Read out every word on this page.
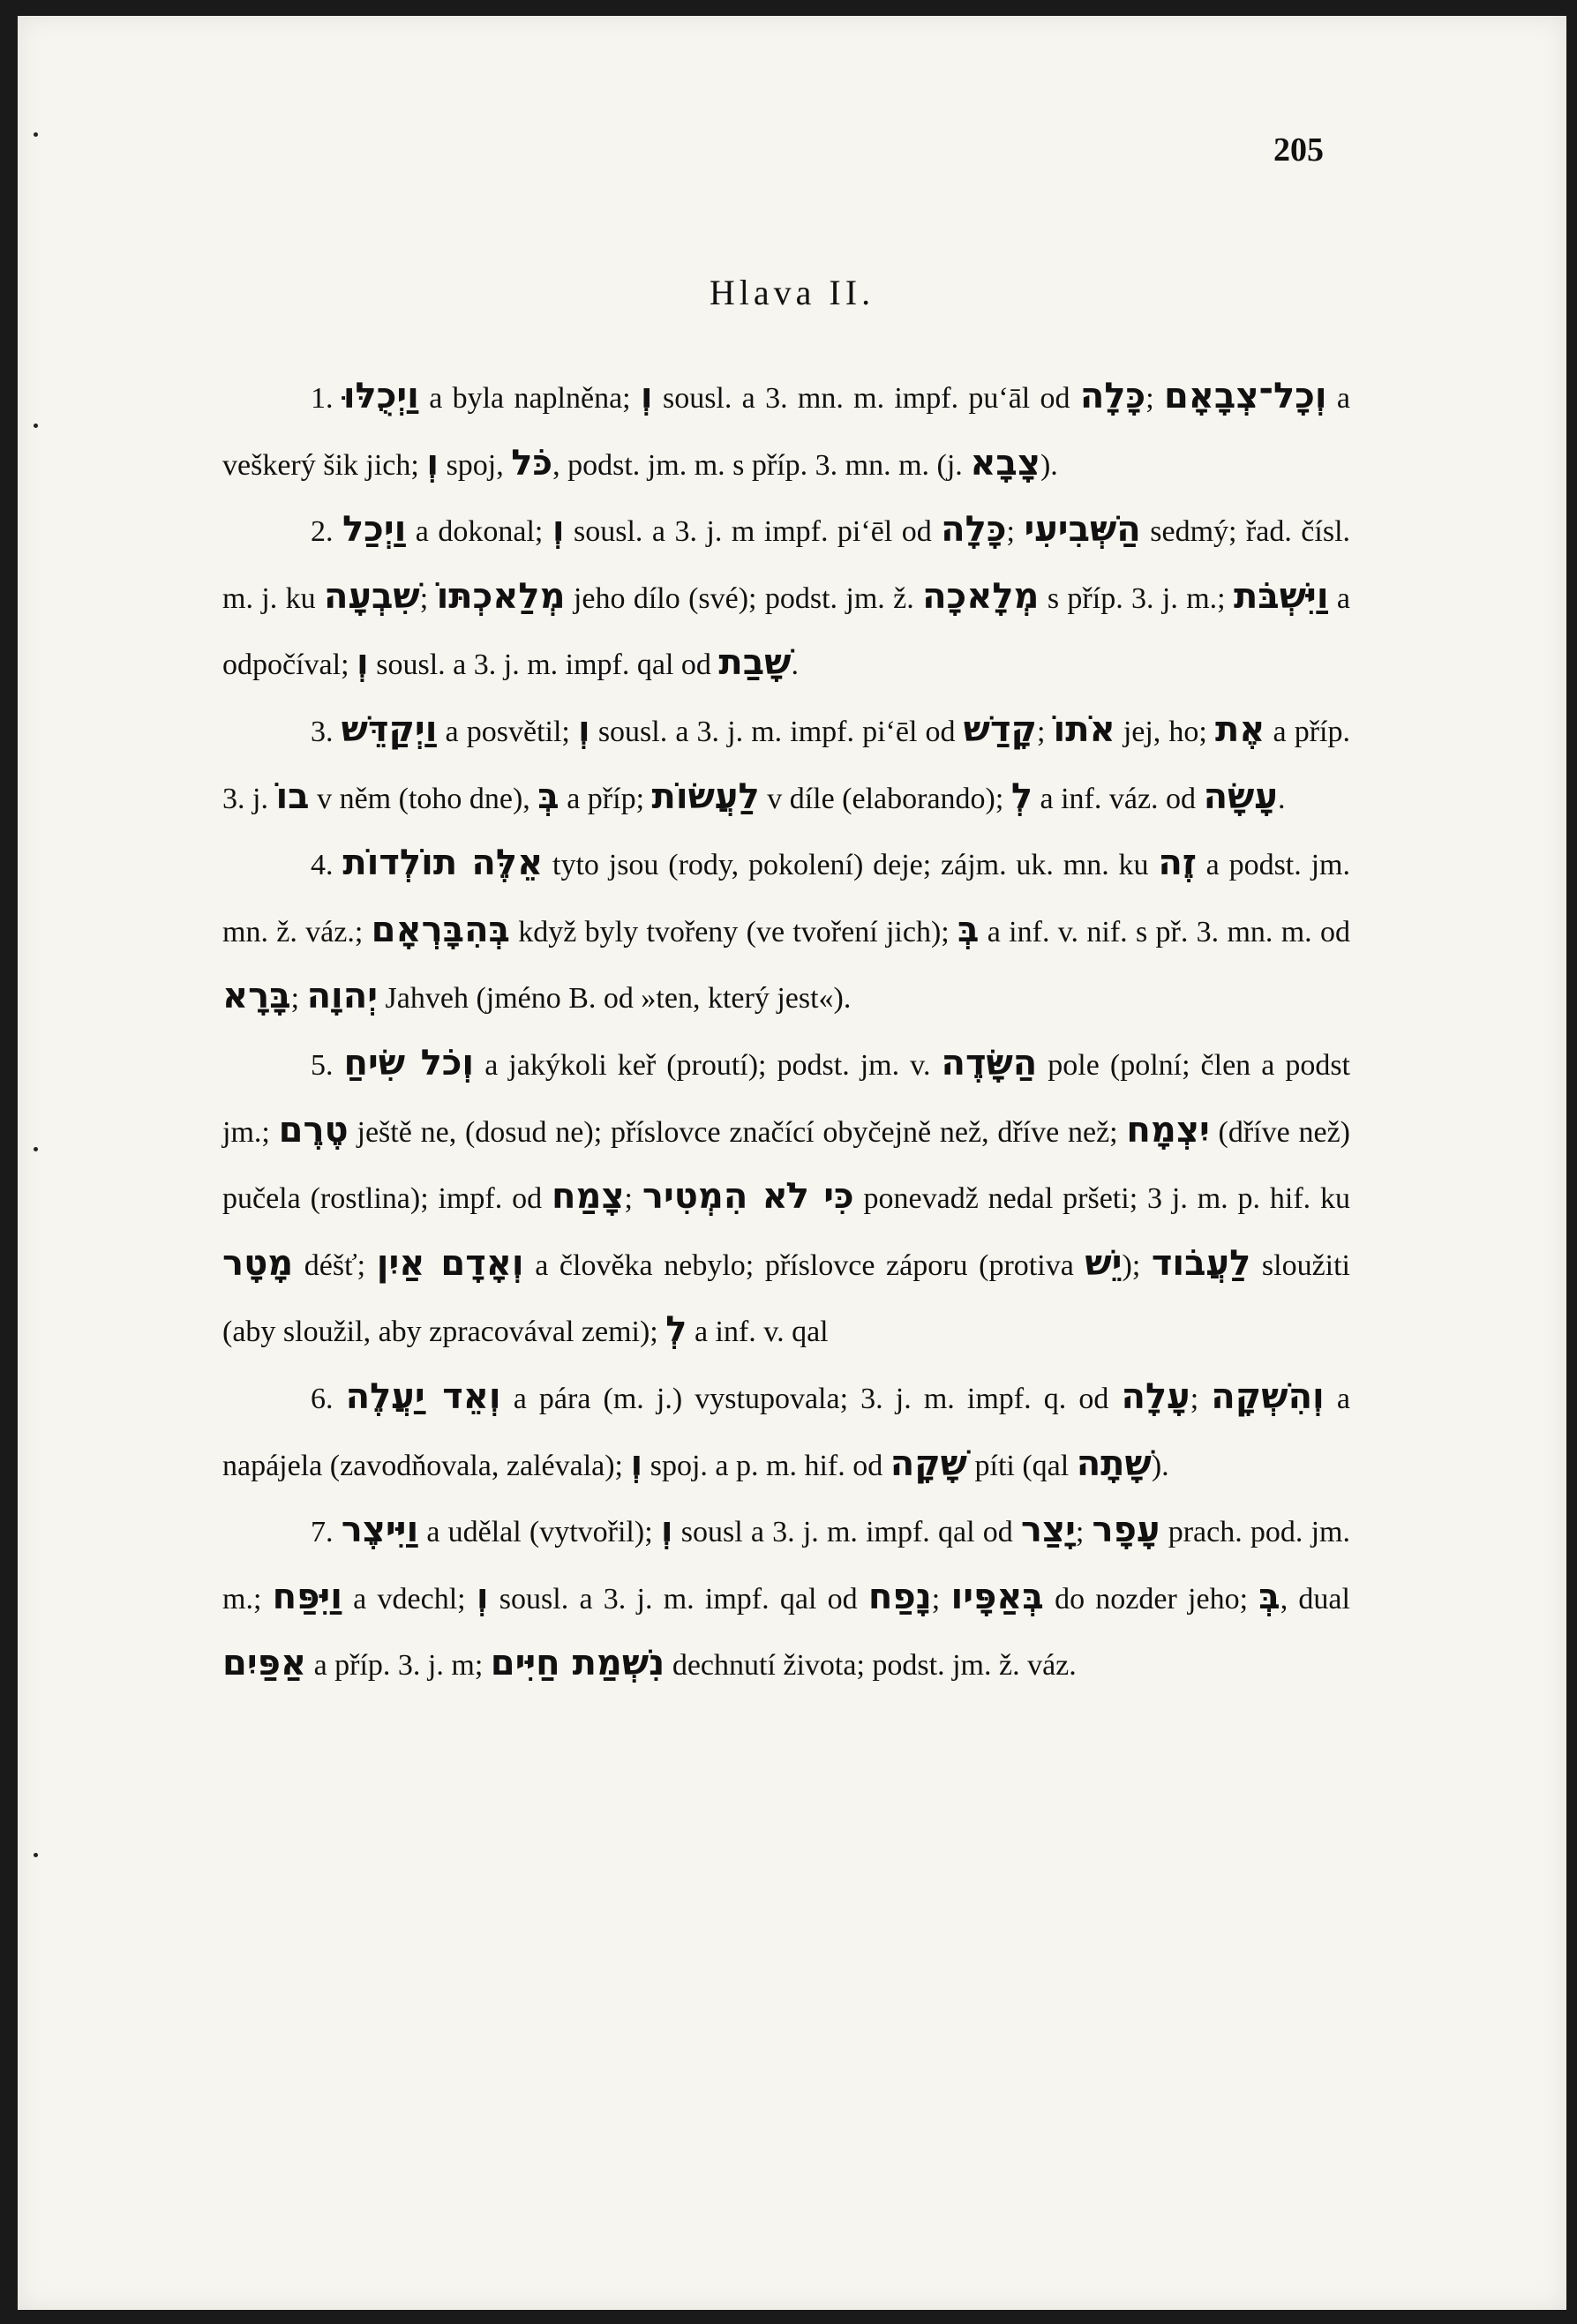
205
Hlava II.

1. וַיְכֻלּוּ a byla naplněna; וְ sousl. a 3. mn. m. impf. pu‘āl od כָּלָה; וְכָל־צְבָאָם a veškerý šik jich; וְ spoj, כֹּל, podst. jm. m. s příp. 3. mn. m. (j. צָבָא).

2. וַיְכַל a dokonal; וְ sousl. a 3. j. m impf. pi‘ēl od כָּלָה; הַשְּׁבִיעִי sedmý; řad. čísl. m. j. ku שִׁבְעָה; מְלַאכְתּוֹ jeho dílo (své); podst. jm. ž. מְלָאכָה s příp. 3. j. m.; וַיִּשְׁבֹּת a odpočíval; וְ sousl. a 3. j. m. impf. qal od שָׁבַת.

3. וַיְקַדֵּשׁ a posvětil; וְ sousl. a 3. j. m. impf. pi‘ēl od קָדַשׁ; אֹתוֹ jej, ho; אֶת a příp. 3. j. בוֹ v něm (toho dne), בְּ a příp; לַעֲשׂוֹת v díle (elaborando); לְ a inf. váz. od עָשָׂה.

4. אֵלֶּה תוֹלְדוֹת tyto jsou (rody, pokolení) deje; zájm. uk. mn. ku זֶה a podst. jm. mn. ž. váz.; בְּהִבָּרְאָם když byly tvořeny (ve tvoření jich); בְּ a inf. v. nif. s př. 3. mn. m. od בָּרָא; יְהוָה Jahveh (jméno B. od »ten, který jest«).

5. וְכֹל שִׂיחַ a jakýkoli keř (proutí); podst. jm. v. הַשָּׂדֶה pole (polní; člen a podst jm.; טֶרֶם ještě ne, (dosud ne); příslovce značící obyčejně než, dříve než; יִצְמָח (dříve než) pučela (rostlina); impf. od צָמַח; כִּי לֹא הִמְטִיר ponevadž nedal pršeti; 3 j. m. p. hif. ku מָטָר déšť; וְאָדָם אַיִן a člověka nebylo; příslovce záporu (protiva יֵשׁ); לַעֲבֹוד sloužiti (aby sloužil, aby zpracovával zemi); לְ a inf. v. qal

6. וְאֵד יַעֲלֶה a pára (m. j.) vystupovala; 3. j. m. impf. q. od עָלָה; וְהִשְׁקָה a napájela (zavodňovala, zalévala); וְ spoj. a p. m. hif. od שָׁקָה píti (qal שָׁתָה).

7. וַיִּיצֶר a udělal (vytvořil); וְ sousl a 3. j. m. impf. qal od יָצַר; עָפָר prach. pod. jm. m.; וַיִּפַּח a vdechl; וְ sousl. a 3. j. m. impf. qal od נָפַח; בְּאַפָּיו do nozder jeho; בְּ, dual אַפַּיִם a příp. 3. j. m; נִשְׁמַת חַיִּים dechnutí života; podst. jm. ž. váz.
